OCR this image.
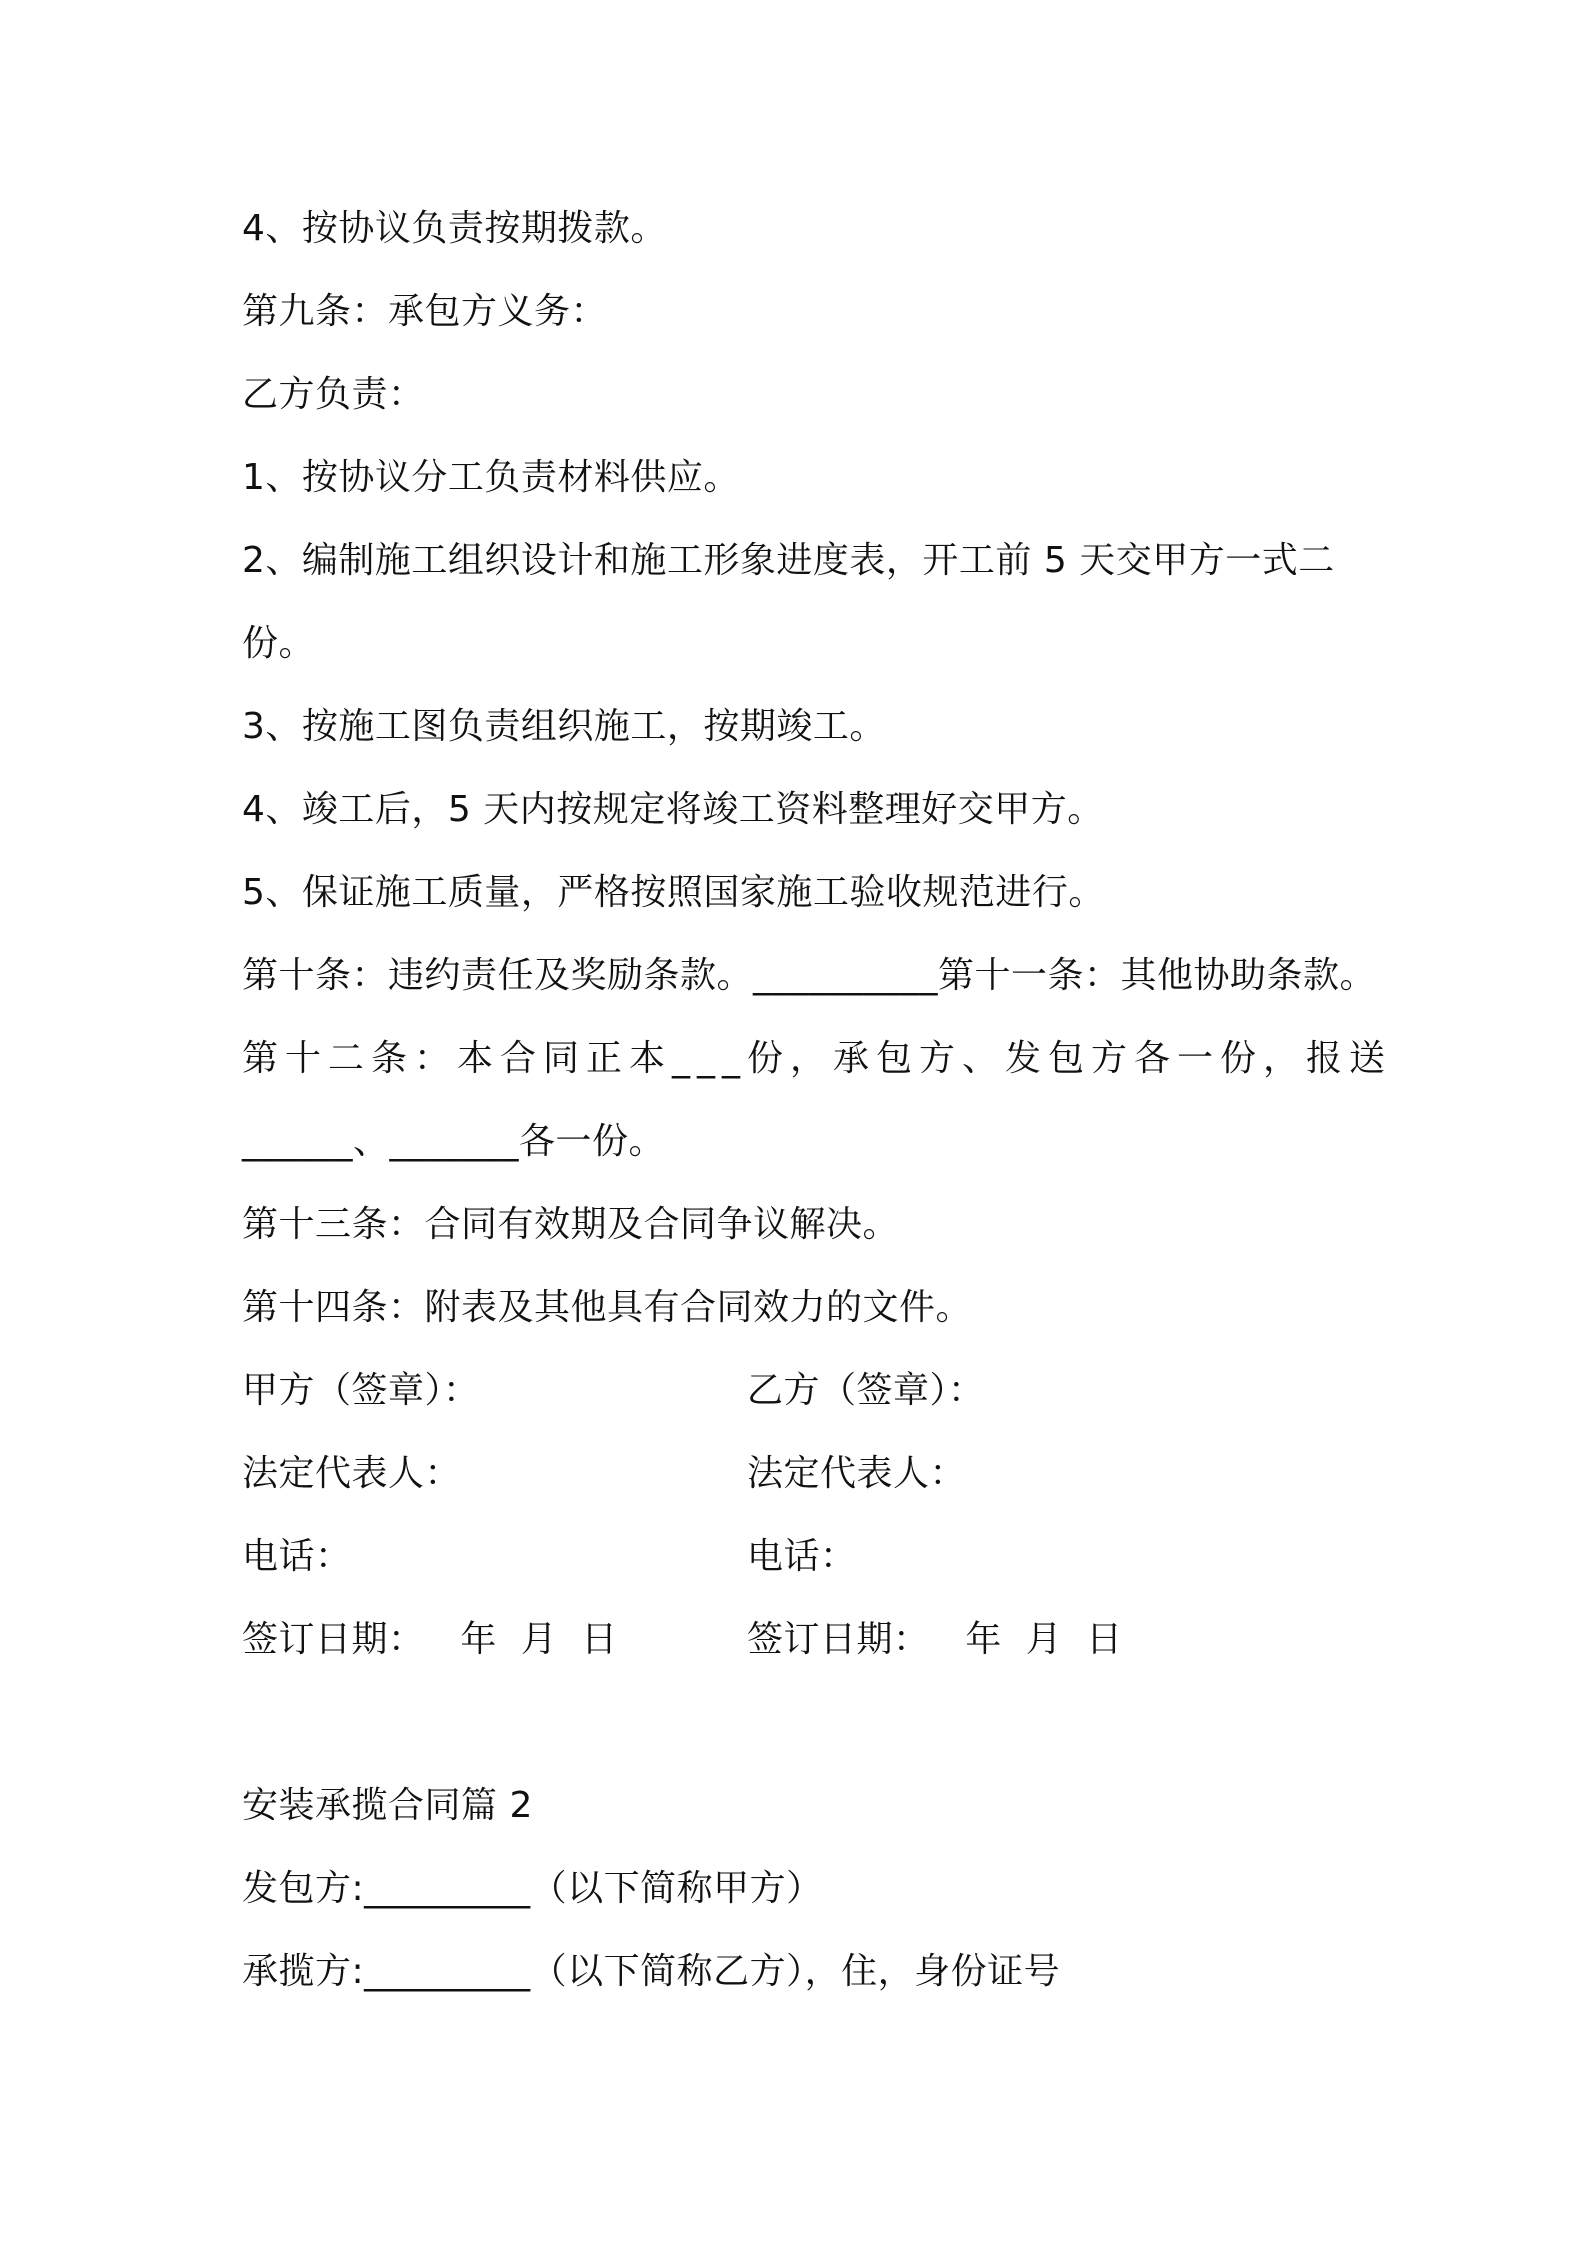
4、按协议负责按期拨款。
第九条：承包方义务：
乙方负责：
1、按协议分工负责材料供应。
2、编制施工组织设计和施工形象进度表，开工前 5 天交甲方一式二
份。
3、按施工图负责组织施工，按期竣工。
4、竣工后，5 天内按规定将竣工资料整理好交甲方。
5、保证施工质量，严格按照国家施工验收规范进行。
第十条：违约责任及奖励条款。__________第十一条：其他协助条款。
第十二条：本合同正本___份，承包方、发包方各一份，报送
______、_______各一份。
第十三条：合同有效期及合同争议解决。
第十四条：附表及其他具有合同效力的文件。
甲方（签章）：	乙方（签章）：
法定代表人：	法定代表人：
电话：	电话：
签订日期：   年  月  日	签订日期：   年  月  日
安装承揽合同篇 2
发包方:_________（以下简称甲方）
承揽方:_________（以下简称乙方），住，身份证号
